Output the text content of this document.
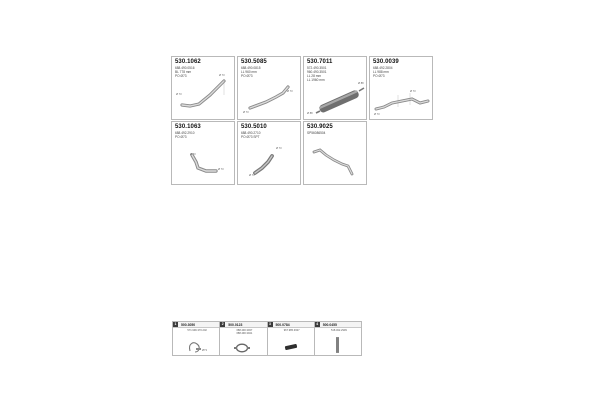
530.1062
688.490.0516
BL 778 mm
PO Ø73
Ø 73
Ø 73
530.5085
688.490.0815
LL 960 mm
PO Ø73
Ø 73
Ø 73
530.7011
572.490.3501
960.490.3501
LL 28 mm
LL 1960 mm
Ø 88
Ø 88
530.0039
688.492.2804
LL 988 mm
PO Ø73
Ø 73
Ø 73
530.1063
688.492.2910
PO Ø73
Ø 73
Ø 73
530.5010
688.490.2710
PO Ø73 SPT
Ø 73
Ø 73
530.9025
SP56086504
1	500.3050
571.999.370.202
Ø73
2	500.0123
688.490.3937
688.490.3941
3	500.0784
967.985.3937
4	500.0455
518.492.2909
